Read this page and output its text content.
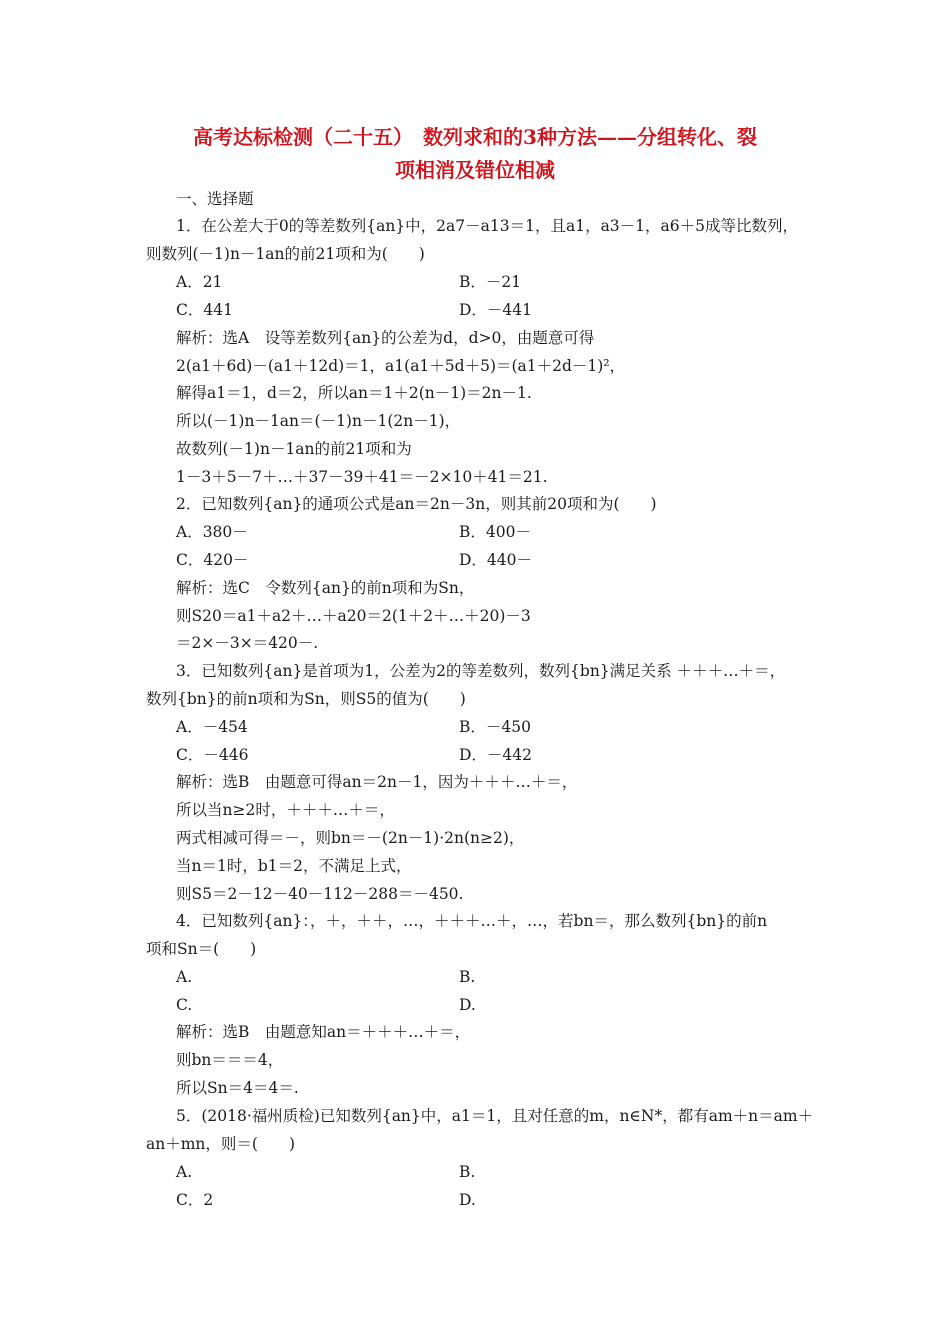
高考达标检测（二十五）　数列求和的3种方法——分组转化、裂
项相消及错位相减
一、选择题
1．在公差大于0的等差数列{an}中，2a7－a13＝1，且a1，a3－1，a6＋5成等比数列，
则数列(－1)n－1an的前21项和为(　　)
A．21	B．－21
C．441	D．－441
解析：选A　设等差数列{an}的公差为d，d>0，由题意可得
2(a1＋6d)－(a1＋12d)＝1，a1(a1＋5d＋5)＝(a1＋2d－1)²，
解得a1＝1，d＝2，所以an＝1＋2(n－1)＝2n－1.
所以(－1)n－1an＝(－1)n－1(2n－1)，
故数列(－1)n－1an的前21项和为
1－3＋5－7＋…＋37－39＋41＝－2×10＋41＝21.
2．已知数列{an}的通项公式是an＝2n－3n，则其前20项和为(　　)
A．380－	B．400－
C．420－	D．440－
解析：选C　令数列{an}的前n项和为Sn，
则S20＝a1＋a2＋…＋a20＝2(1＋2＋…＋20)－3
＝2×－3×＝420－.
3．已知数列{an}是首项为1，公差为2的等差数列，数列{bn}满足关系 ＋＋＋…＋＝，
数列{bn}的前n项和为Sn，则S5的值为(　　)
A．－454	B．－450
C．－446	D．－442
解析：选B　由题意可得an＝2n－1，因为＋＋＋…＋＝，
所以当n≥2时，＋＋＋…＋＝，
两式相减可得＝－，则bn＝－(2n－1)·2n(n≥2)，
当n＝1时，b1＝2，不满足上式，
则S5＝2－12－40－112－288＝－450.
4．已知数列{an}：，＋，＋＋，…，＋＋＋…＋，…，若bn＝，那么数列{bn}的前n
项和Sn＝(　　)
A.	B.
C.	D.
解析：选B　由题意知an＝＋＋＋…＋＝，
则bn＝＝＝4，
所以Sn＝4＝4＝.
5．(2018·福州质检)已知数列{an}中，a1＝1，且对任意的m，n∈N*，都有am＋n＝am＋
an＋mn，则＝(　　)
A.	B.
C．2	D.
